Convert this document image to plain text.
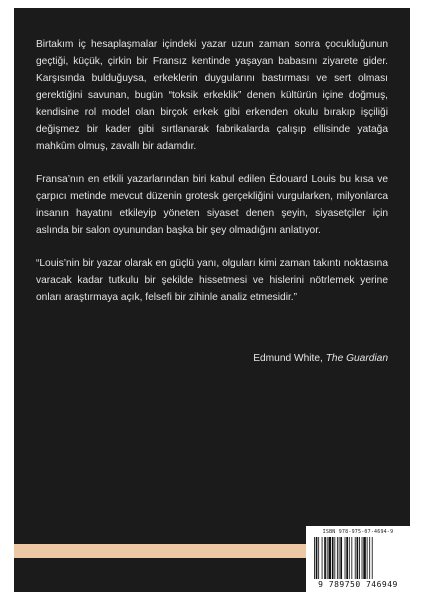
Birtakım iç hesaplaşmalar içindeki yazar uzun zaman sonra çocukluğunun geçtiği, küçük, çirkin bir Fransız kentinde yaşayan babasını ziyarete gider. Karşısında bulduğuysa, erkeklerin duygularını bastırması ve sert olması gerektiğini savunan, bugün “toksik erkeklik” denen kültürün içine doğmuş, kendisine rol model olan birçok erkek gibi erkenden okulu bırakıp işçiliği değişmez bir kader gibi sırtlanarak fabrikalarda çalışıp ellisinde yatağa mahkûm olmuş, zavallı bir adamdır.

Fransa’nın en etkili yazarlarından biri kabul edilen Édouard Louis bu kısa ve çarpıcı metinde mevcut düzenin grotesk gerçekliğini vurgularken, milyonlarca insanın hayatını etkileyip yöneten siyaset denen şeyin, siyasetçiler için aslında bir salon oyunundan başka bir şey olmadığını anlatıyor.

“Louis’nin bir yazar olarak en güçlü yanı, olguları kimi zaman takıntı noktasına varacak kadar tutkulu bir şekilde hissetmesi ve hislerini nötrlemek yerine onları araştırmaya açık, felsefi bir zihinle analiz etmesidir.”

Edmund White, The Guardian
ISBN 978-975-07-4694-9
9 789750 746949
